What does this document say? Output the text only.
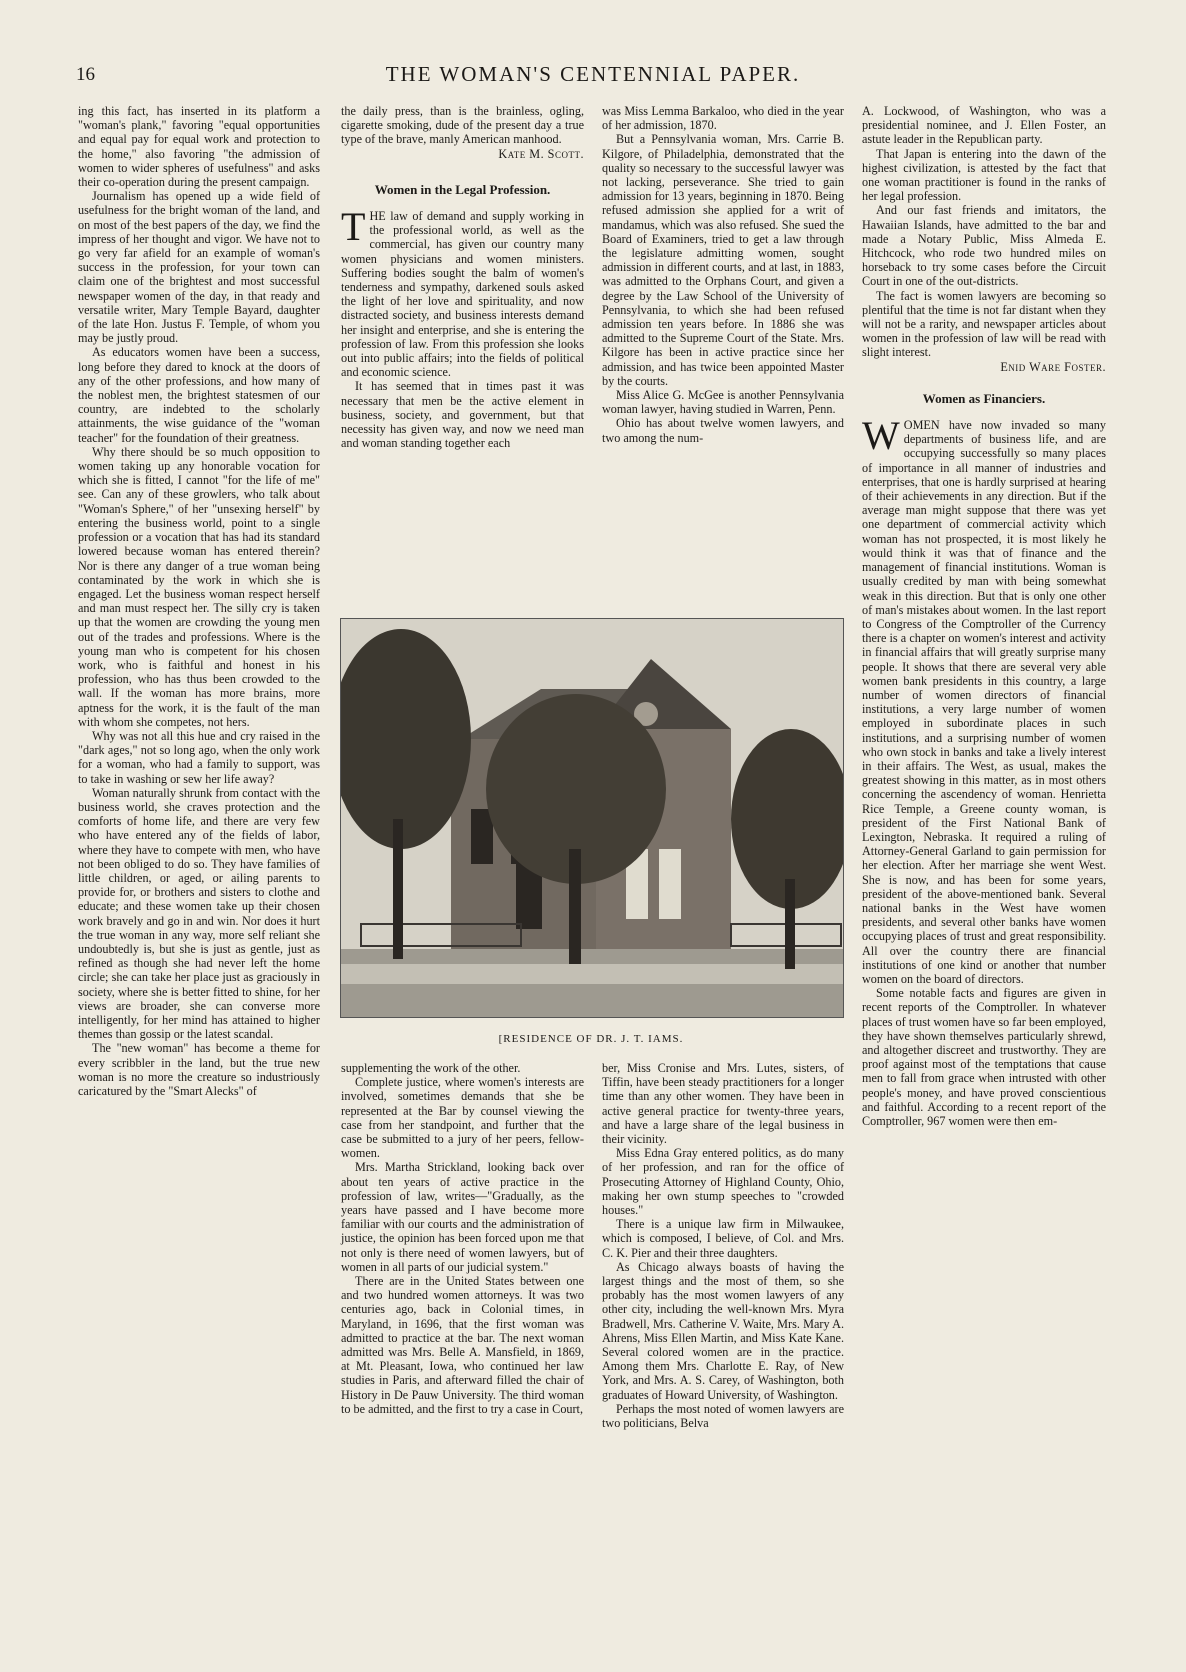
16	THE WOMAN'S CENTENNIAL PAPER.

ing this fact, has inserted in its platform a "woman's plank," favoring "equal opportunities and equal pay for equal work and protection to the home," also favoring "the admission of women to wider spheres of usefulness" and asks their co-operation during the present campaign.

Journalism has opened up a wide field of usefulness for the bright woman of the land, and on most of the best papers of the day, we find the impress of her thought and vigor. We have not to go very far afield for an example of woman's success in the profession, for your town can claim one of the brightest and most successful newspaper women of the day, in that ready and versatile writer, Mary Temple Bayard, daughter of the late Hon. Justus F. Temple, of whom you may be justly proud.

As educators women have been a success, long before they dared to knock at the doors of any of the other professions, and how many of the noblest men, the brightest statesmen of our country, are indebted to the scholarly attainments, the wise guidance of the "woman teacher" for the foundation of their greatness.

Why there should be so much opposition to women taking up any honorable vocation for which she is fitted, I cannot "for the life of me" see. Can any of these growlers, who talk about "Woman's Sphere," of her "unsexing herself" by entering the business world, point to a single profession or a vocation that has had its standard lowered because woman has entered therein? Nor is there any danger of a true woman being contaminated by the work in which she is engaged. Let the business woman respect herself and man must respect her. The silly cry is taken up that the women are crowding the young men out of the trades and professions. Where is the young man who is competent for his chosen work, who is faithful and honest in his profession, who has thus been crowded to the wall. If the woman has more brains, more aptness for the work, it is the fault of the man with whom she competes, not hers.

Why was not all this hue and cry raised in the "dark ages," not so long ago, when the only work for a woman, who had a family to support, was to take in washing or sew her life away?

Woman naturally shrunk from contact with the business world, she craves protection and the comforts of home life, and there are very few who have entered any of the fields of labor, where they have to compete with men, who have not been obliged to do so. They have families of little children, or aged, or ailing parents to provide for, or brothers and sisters to clothe and educate; and these women take up their chosen work bravely and go in and win. Nor does it hurt the true woman in any way, more self reliant she undoubtedly is, but she is just as gentle, just as refined as though she had never left the home circle; she can take her place just as graciously in society, where she is better fitted to shine, for her views are broader, she can converse more intelligently, for her mind has attained to higher themes than gossip or the latest scandal.

The "new woman" has become a theme for every scribbler in the land, but the true new woman is no more the creature so industriously caricatured by the "Smart Alecks" of

the daily press, than is the brainless, ogling, cigarette smoking, dude of the present day a true type of the brave, manly American manhood.

Kate M. Scott.
Women in the Legal Profession.

THE law of demand and supply working in the professional world, as well as the commercial, has given our country many women physicians and women ministers. Suffering bodies sought the balm of women's tenderness and sympathy, darkened souls asked the light of her love and spirituality, and now distracted society, and business interests demand her insight and enterprise, and she is entering the profession of law. From this profession she looks out into public affairs; into the fields of political and economic science.

It has seemed that in times past it was necessary that men be the active element in business, society, and government, but that necessity has given way, and now we need man and woman standing together each

was Miss Lemma Barkaloo, who died in the year of her admission, 1870.

But a Pennsylvania woman, Mrs. Carrie B. Kilgore, of Philadelphia, demonstrated that the quality so necessary to the successful lawyer was not lacking, perseverance. She tried to gain admission for 13 years, beginning in 1870. Being refused admission she applied for a writ of mandamus, which was also refused. She sued the Board of Examiners, tried to get a law through the legislature admitting women, sought admission in different courts, and at last, in 1883, was admitted to the Orphans Court, and given a degree by the Law School of the University of Pennsylvania, to which she had been refused admission ten years before. In 1886 she was admitted to the Supreme Court of the State. Mrs. Kilgore has been in active practice since her admission, and has twice been appointed Master by the courts.

Miss Alice G. McGee is another Pennsylvania woman lawyer, having studied in Warren, Penn.

Ohio has about twelve women lawyers, and two among the num-

[RESIDENCE OF DR. J. T. IAMS.

supplementing the work of the other.

Complete justice, where women's interests are involved, sometimes demands that she be represented at the Bar by counsel viewing the case from her standpoint, and further that the case be submitted to a jury of her peers, fellow-women.

Mrs. Martha Strickland, looking back over about ten years of active practice in the profession of law, writes—"Gradually, as the years have passed and I have become more familiar with our courts and the administration of justice, the opinion has been forced upon me that not only is there need of women lawyers, but of women in all parts of our judicial system."

There are in the United States between one and two hundred women attorneys. It was two centuries ago, back in Colonial times, in Maryland, in 1696, that the first woman was admitted to practice at the bar. The next woman admitted was Mrs. Belle A. Mansfield, in 1869, at Mt. Pleasant, Iowa, who continued her law studies in Paris, and afterward filled the chair of History in De Pauw University. The third woman to be admitted, and the first to try a case in Court,

ber, Miss Cronise and Mrs. Lutes, sisters, of Tiffin, have been steady practitioners for a longer time than any other women. They have been in active general practice for twenty-three years, and have a large share of the legal business in their vicinity.

Miss Edna Gray entered politics, as do many of her profession, and ran for the office of Prosecuting Attorney of Highland County, Ohio, making her own stump speeches to "crowded houses."

There is a unique law firm in Milwaukee, which is composed, I believe, of Col. and Mrs. C. K. Pier and their three daughters.

As Chicago always boasts of having the largest things and the most of them, so she probably has the most women lawyers of any other city, including the well-known Mrs. Myra Bradwell, Mrs. Catherine V. Waite, Mrs. Mary A. Ahrens, Miss Ellen Martin, and Miss Kate Kane. Several colored women are in the practice. Among them Mrs. Charlotte E. Ray, of New York, and Mrs. A. S. Carey, of Washington, both graduates of Howard University, of Washington.

Perhaps the most noted of women lawyers are two politicians, Belva

A. Lockwood, of Washington, who was a presidential nominee, and J. Ellen Foster, an astute leader in the Republican party.

That Japan is entering into the dawn of the highest civilization, is attested by the fact that one woman practitioner is found in the ranks of her legal profession.

And our fast friends and imitators, the Hawaiian Islands, have admitted to the bar and made a Notary Public, Miss Almeda E. Hitchcock, who rode two hundred miles on horseback to try some cases before the Circuit Court in one of the out-districts.

The fact is women lawyers are becoming so plentiful that the time is not far distant when they will not be a rarity, and newspaper articles about women in the profession of law will be read with slight interest.

Enid Ware Foster.
Women as Financiers.

WOMEN have now invaded so many departments of business life, and are occupying successfully so many places of importance in all manner of industries and enterprises, that one is hardly surprised at hearing of their achievements in any direction. But if the average man might suppose that there was yet one department of commercial activity which woman has not prospected, it is most likely he would think it was that of finance and the management of financial institutions. Woman is usually credited by man with being somewhat weak in this direction. But that is only one other of man's mistakes about women. In the last report to Congress of the Comptroller of the Currency there is a chapter on women's interest and activity in financial affairs that will greatly surprise many people. It shows that there are several very able women bank presidents in this country, a large number of women directors of financial institutions, a very large number of women employed in subordinate places in such institutions, and a surprising number of women who own stock in banks and take a lively interest in their affairs. The West, as usual, makes the greatest showing in this matter, as in most others concerning the ascendency of woman. Henrietta Rice Temple, a Greene county woman, is president of the First National Bank of Lexington, Nebraska. It required a ruling of Attorney-General Garland to gain permission for her election. After her marriage she went West. She is now, and has been for some years, president of the above-mentioned bank. Several national banks in the West have women presidents, and several other banks have women occupying places of trust and great responsibility. All over the country there are financial institutions of one kind or another that number women on the board of directors.

Some notable facts and figures are given in recent reports of the Comptroller. In whatever places of trust women have so far been employed, they have shown themselves particularly shrewd, and altogether discreet and trustworthy. They are proof against most of the temptations that cause men to fall from grace when intrusted with other people's money, and have proved conscientious and faithful. According to a recent report of the Comptroller, 967 women were then em-
